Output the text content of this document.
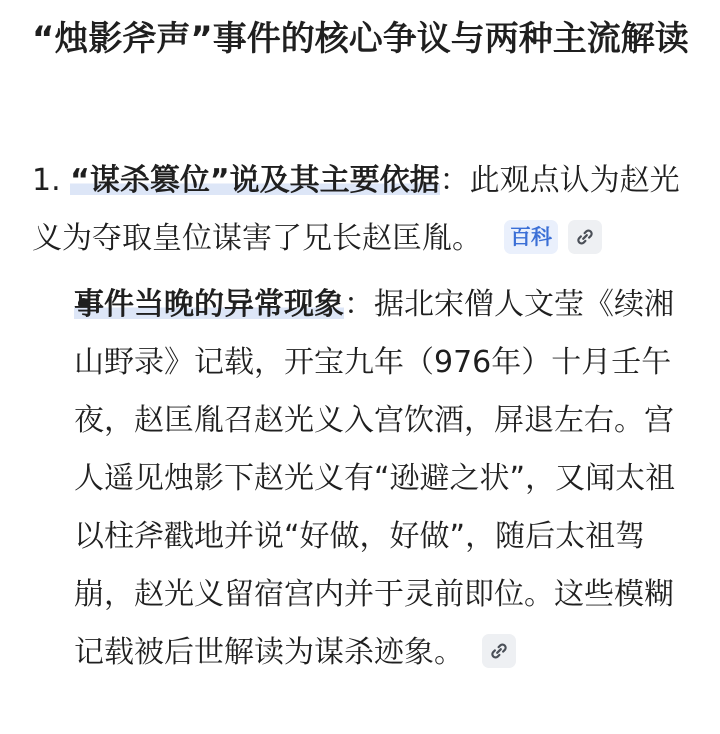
“烛影斧声”事件的核心争议与两种主流解读

1. “谋杀篡位”说及其主要依据：此观点认为赵光义为夺取皇位谋害了兄长赵匡胤。 百科

事件当晚的异常现象：据北宋僧人文莹《续湘山野录》记载，开宝九年（976年）十月壬午夜，赵匡胤召赵光义入宫饮酒，屏退左右。宫人遥见烛影下赵光义有“逊避之状”，又闻太祖以柱斧戳地并说“好做，好做”，随后太祖驾崩，赵光义留宿宫内并于灵前即位。这些模糊记载被后世解读为谋杀迹象。
